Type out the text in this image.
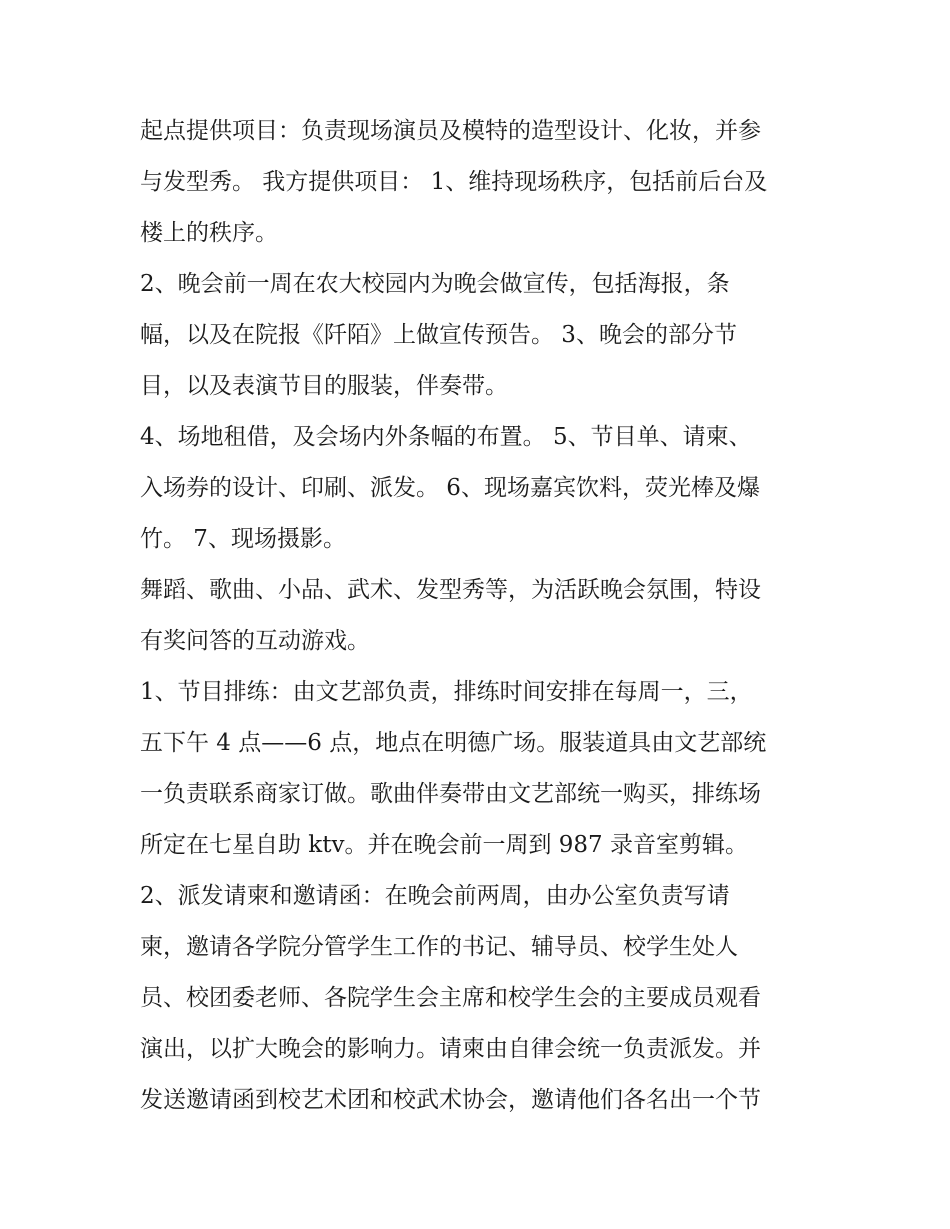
起点提供项目：负责现场演员及模特的造型设计、化妆，并参
与发型秀。 我方提供项目： 1、维持现场秩序，包括前后台及
楼上的秩序。
2、晚会前一周在农大校园内为晚会做宣传，包括海报，条
幅，以及在院报《阡陌》上做宣传预告。 3、晚会的部分节
目，以及表演节目的服装，伴奏带。
4、场地租借，及会场内外条幅的布置。 5、节目单、请柬、
入场券的设计、印刷、派发。 6、现场嘉宾饮料，荧光棒及爆
竹。 7、现场摄影。
舞蹈、歌曲、小品、武术、发型秀等，为活跃晚会氛围，特设
有奖问答的互动游戏。
1、节目排练：由文艺部负责，排练时间安排在每周一，三，
五下午 4 点——6 点，地点在明德广场。服装道具由文艺部统
一负责联系商家订做。歌曲伴奏带由文艺部统一购买，排练场
所定在七星自助 ktv。并在晚会前一周到 987 录音室剪辑。
2、派发请柬和邀请函：在晚会前两周，由办公室负责写请
柬，邀请各学院分管学生工作的书记、辅导员、校学生处人
员、校团委老师、各院学生会主席和校学生会的主要成员观看
演出，以扩大晚会的影响力。请柬由自律会统一负责派发。并
发送邀请函到校艺术团和校武术协会，邀请他们各名出一个节
